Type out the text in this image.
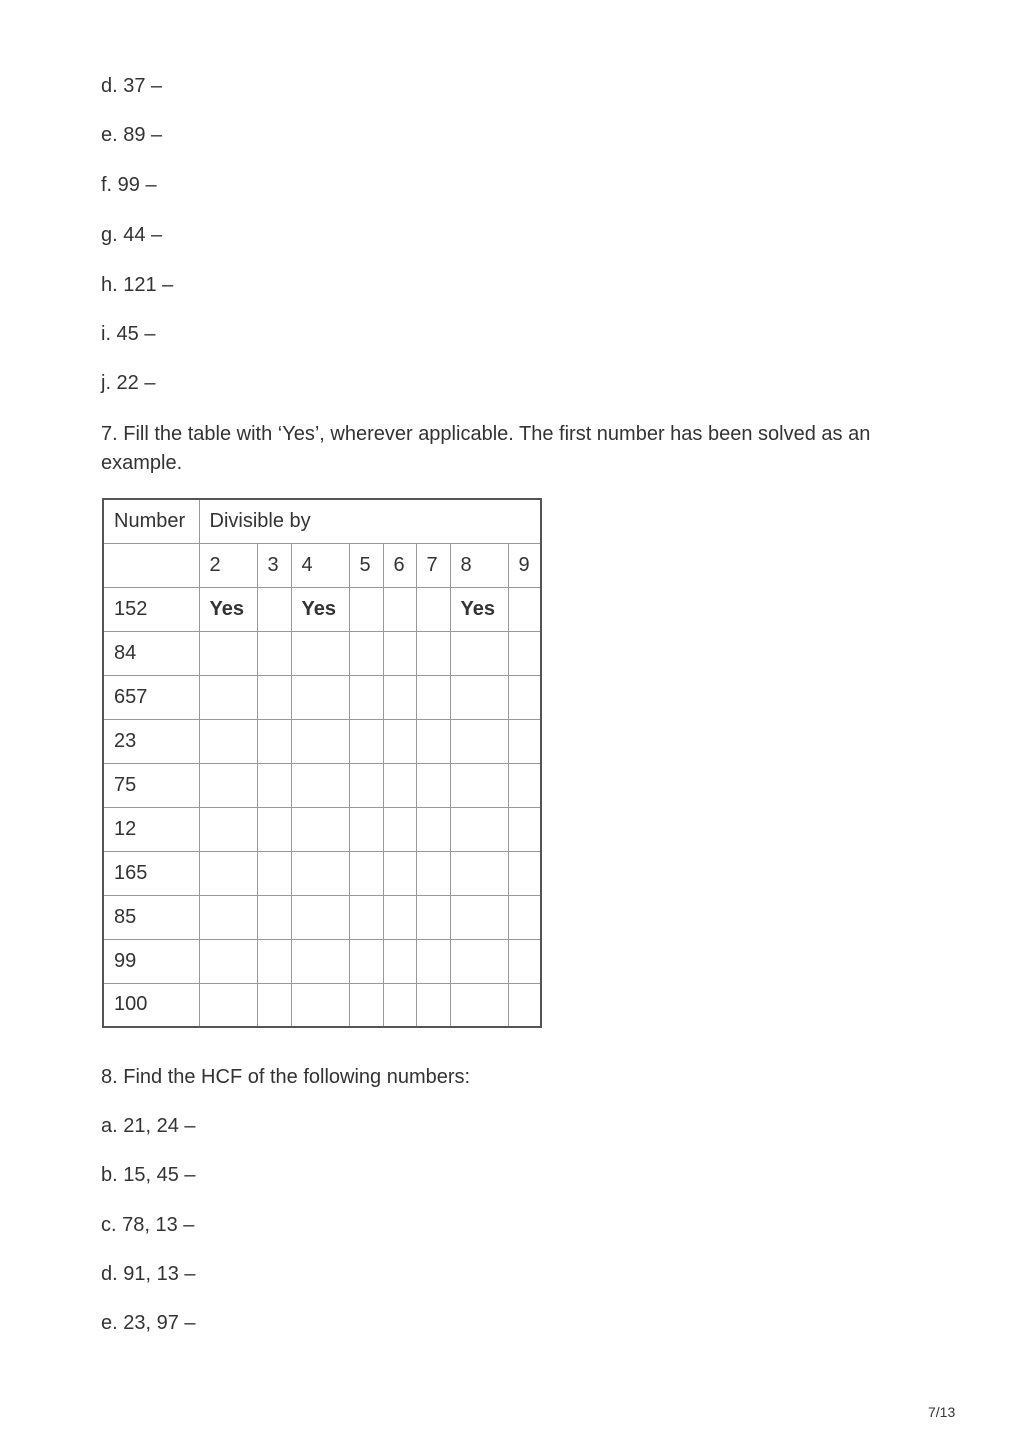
d. 37 –
e. 89 –
f. 99 –
g. 44 –
h. 121 –
i. 45 –
j. 22 –
7. Fill the table with ‘Yes’, wherever applicable. The first number has been solved as an example.
Number	Divisible by							
	2	3	4	5	6	7	8	9
152	Yes		Yes				Yes	
84								
657								
23								
75								
12								
165								
85								
99								
100								
8. Find the HCF of the following numbers:
a. 21, 24 –
b. 15, 45 –
c. 78, 13 –
d. 91, 13 –
e. 23, 97 –
7/13
